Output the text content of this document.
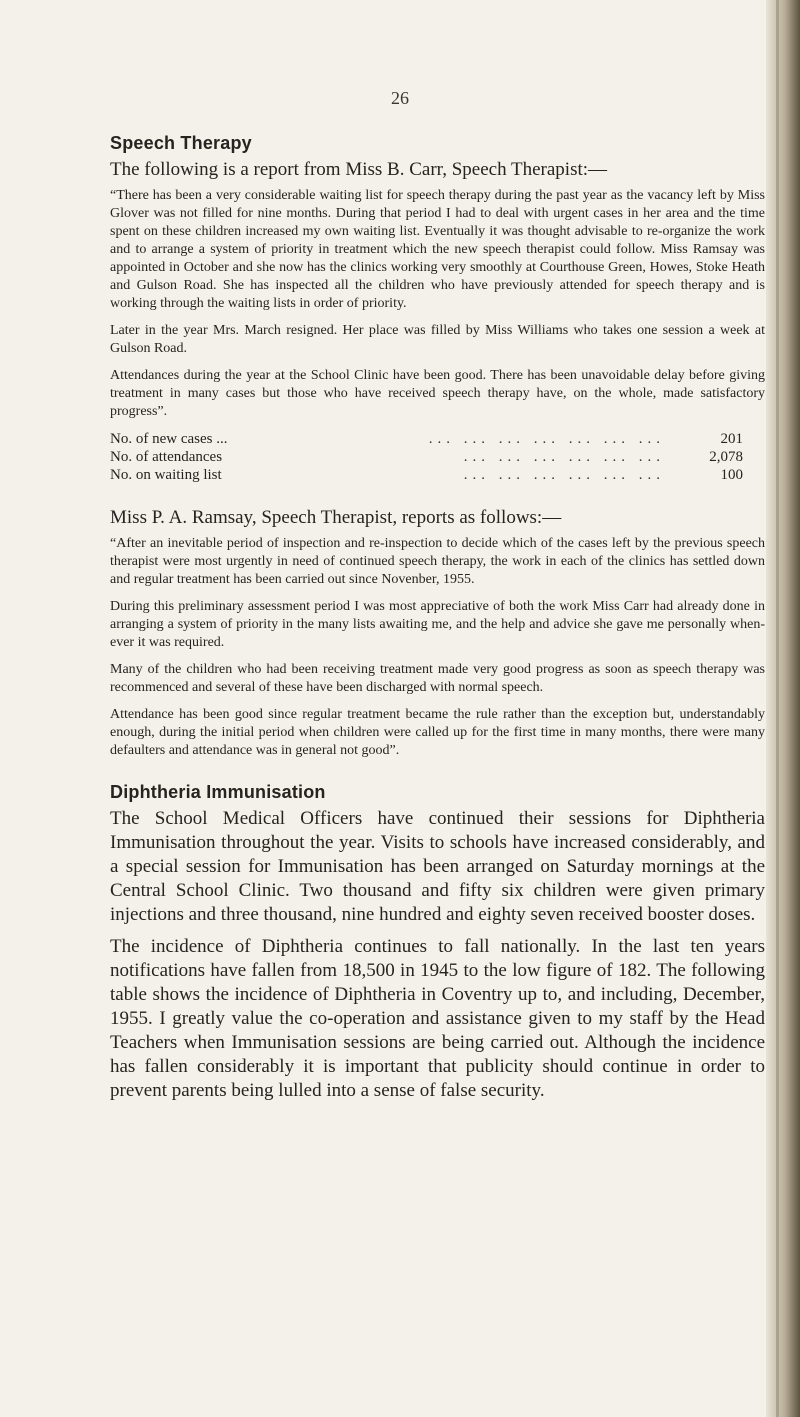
26
Speech Therapy

The following is a report from Miss B. Carr, Speech Therapist:—

“There has been a very considerable waiting list for speech therapy during the past year as the vacancy left by Miss Glover was not filled for nine months. During that period I had to deal with urgent cases in her area and the time spent on these children increased my own waiting list. Eventually it was thought advisable to re-organize the work and to arrange a system of priority in treatment which the new speech therapist could follow. Miss Ramsay was appointed in October and she now has the clinics working very smoothly at Courthouse Green, Howes, Stoke Heath and Gulson Road. She has inspected all the children who have previously attended for speech therapy and is working through the waiting lists in order of priority.

Later in the year Mrs. March resigned. Her place was filled by Miss Williams who takes one session a week at Gulson Road.

Attendances during the year at the School Clinic have been good. There has been unavoidable delay before giving treatment in many cases but those who have received speech therapy have, on the whole, made satisfactory progress”.

No. of new cases ...	... ... ... ... ... ... ...	201
No. of attendances	... ... ... ... ... ...	2,078
No. on waiting list	... ... ... ... ... ...	100

Miss P. A. Ramsay, Speech Therapist, reports as follows:—

“After an inevitable period of inspection and re-inspection to decide which of the cases left by the previous speech therapist were most urgently in need of continued speech therapy, the work in each of the clinics has settled down and regular treatment has been carried out since Novenber, 1955.

During this preliminary assessment period I was most appreciative of both the work Miss Carr had already done in arranging a system of priority in the many lists awaiting me, and the help and advice she gave me personally when-ever it was required.

Many of the children who had been receiving treatment made very good progress as soon as speech therapy was recommenced and several of these have been discharged with normal speech.

Attendance has been good since regular treatment became the rule rather than the exception but, understandably enough, during the initial period when children were called up for the first time in many months, there were many defaulters and attendance was in general not good”.

Diphtheria Immunisation

The School Medical Officers have continued their sessions for Diphtheria Immunisation throughout the year. Visits to schools have increased considerably, and a special session for Immunisation has been arranged on Saturday mornings at the Central School Clinic. Two thousand and fifty six children were given primary injections and three thousand, nine hundred and eighty seven received booster doses.

The incidence of Diphtheria continues to fall nationally. In the last ten years notifications have fallen from 18,500 in 1945 to the low figure of 182. The following table shows the incidence of Diphtheria in Coventry up to, and including, December, 1955. I greatly value the co-operation and assistance given to my staff by the Head Teachers when Immunisation sessions are being carried out. Although the incidence has fallen considerably it is important that publicity should continue in order to prevent parents being lulled into a sense of false security.
